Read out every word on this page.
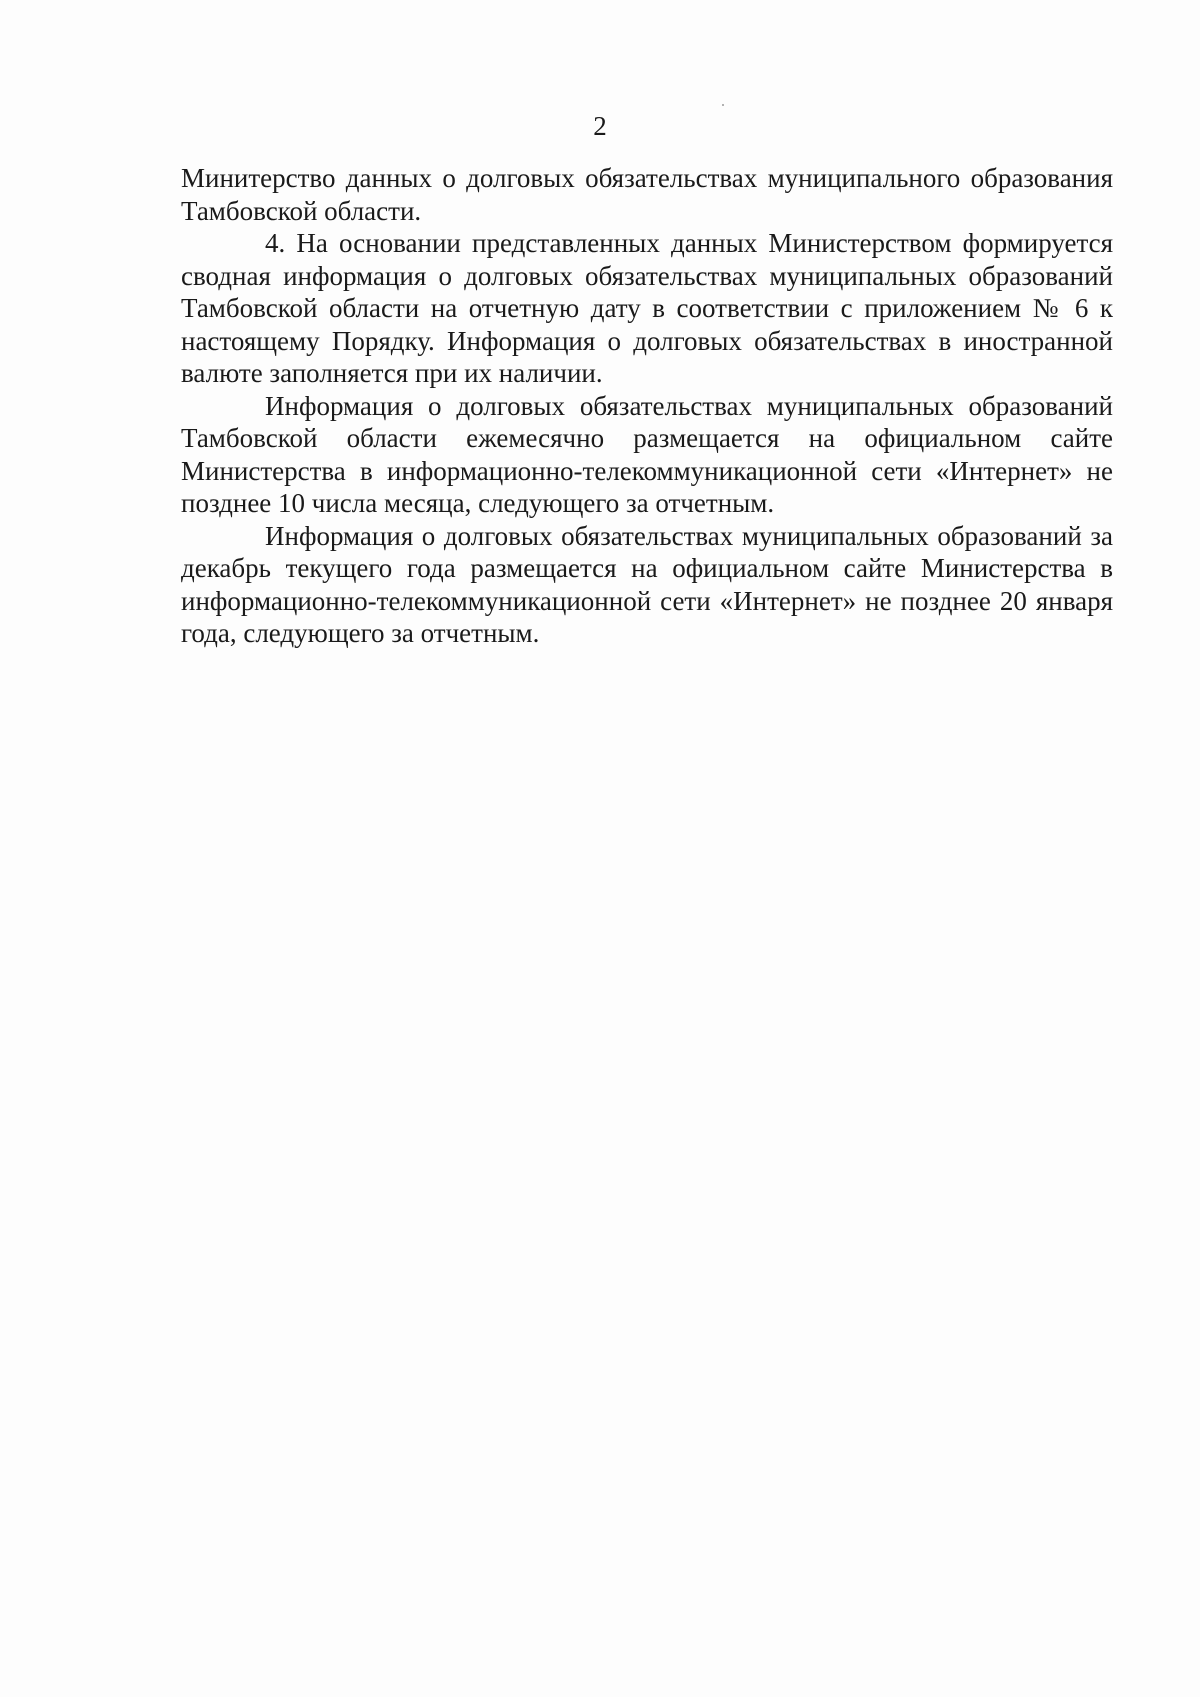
2

Минитерство данных о долговых обязательствах муниципального образования Тамбовской области.

4. На основании представленных данных Министерством формируется сводная информация о долговых обязательствах муниципальных образований Тамбовской области на отчетную дату в соответствии с приложением № 6 к настоящему Порядку. Информация о долговых обязательствах в иностранной валюте заполняется при их наличии.

Информация о долговых обязательствах муниципальных образований Тамбовской области ежемесячно размещается на официальном сайте Министерства в информационно-телекоммуникационной сети «Интернет» не позднее 10 числа месяца, следующего за отчетным.

Информация о долговых обязательствах муниципальных образований за декабрь текущего года размещается на официальном сайте Министерства в информационно-телекоммуникационной сети «Интернет» не позднее 20 января года, следующего за отчетным.
